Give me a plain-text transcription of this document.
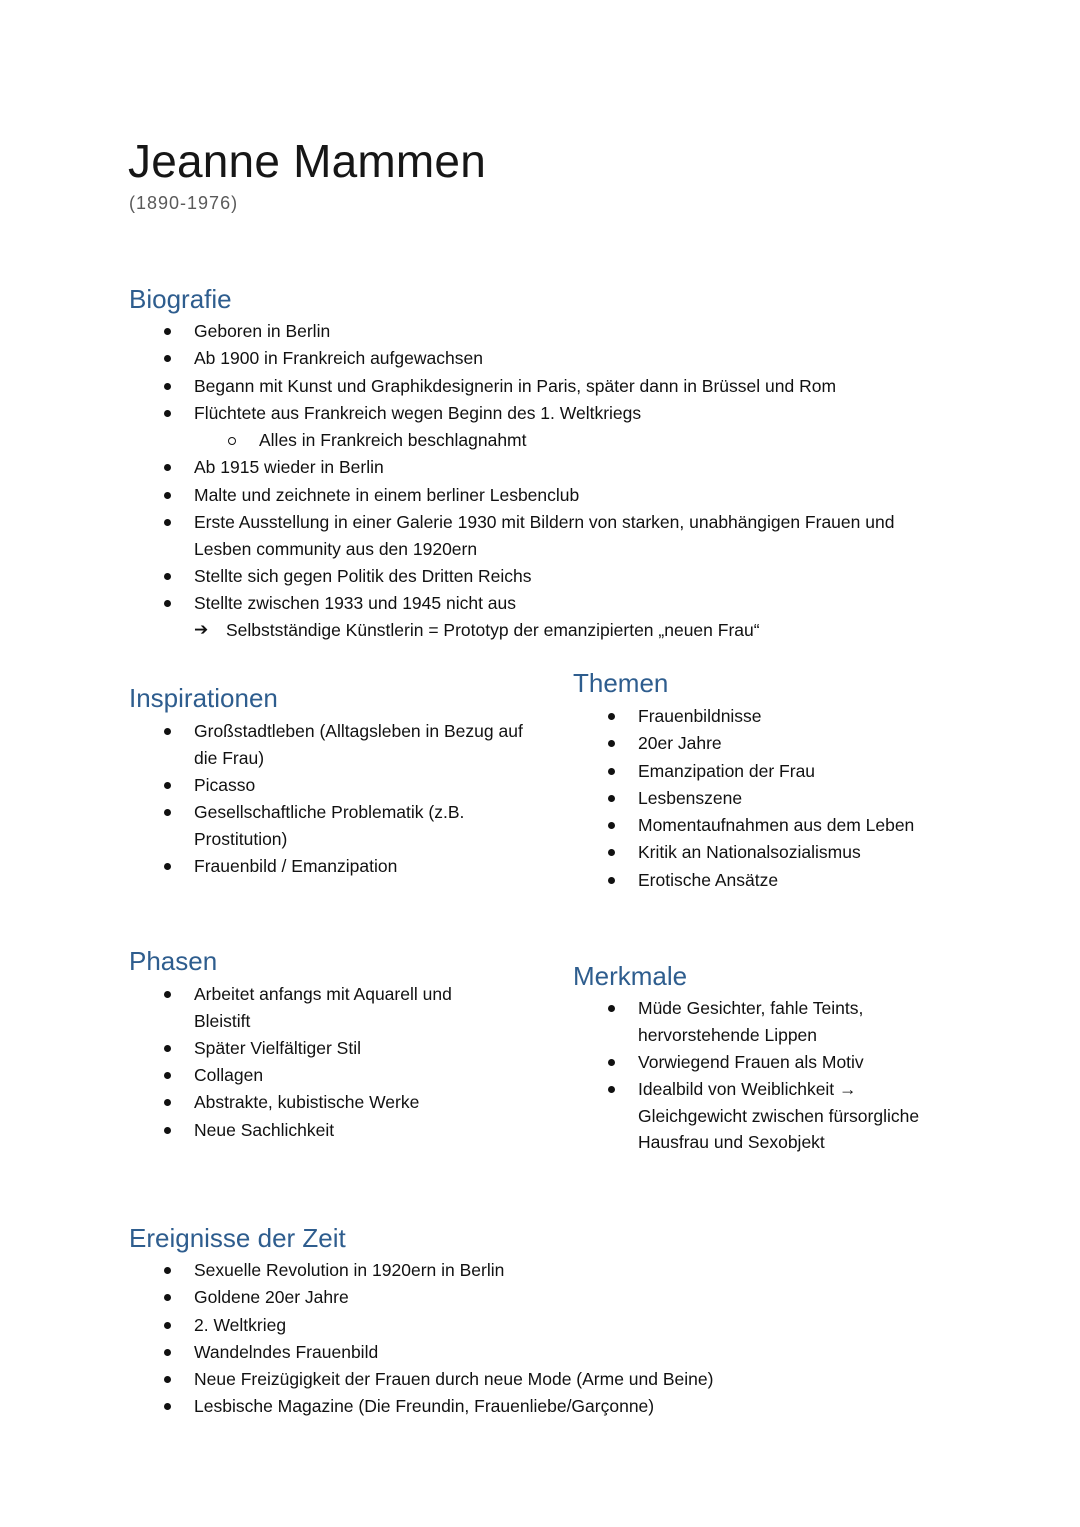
Jeanne Mammen
(1890-1976)
Biografie
Geboren in Berlin
Ab 1900 in Frankreich aufgewachsen
Begann mit Kunst und Graphikdesignerin in Paris, später dann in Brüssel und Rom
Flüchtete aus Frankreich wegen Beginn des 1. Weltkriegs
Alles in Frankreich beschlagnahmt
Ab 1915 wieder in Berlin
Malte und zeichnete in einem berliner Lesbenclub
Erste Ausstellung in einer Galerie 1930 mit Bildern von starken, unabhängigen Frauen und Lesben community aus den 1920ern
Stellte sich gegen Politik des Dritten Reichs
Stellte zwischen 1933 und 1945 nicht aus
➔ Selbstständige Künstlerin = Prototyp der emanzipierten „neuen Frau“
Inspirationen
Großstadtleben (Alltagsleben in Bezug auf die Frau)
Picasso
Gesellschaftliche Problematik (z.B. Prostitution)
Frauenbild / Emanzipation
Themen
Frauenbildnisse
20er Jahre
Emanzipation der Frau
Lesbenszene
Momentaufnahmen aus dem Leben
Kritik an Nationalsozialismus
Erotische Ansätze
Phasen
Arbeitet anfangs mit Aquarell und Bleistift
Später Vielfältiger Stil
Collagen
Abstrakte, kubistische Werke
Neue Sachlichkeit
Merkmale
Müde Gesichter, fahle Teints, hervorstehende Lippen
Vorwiegend Frauen als Motiv
Idealbild von Weiblichkeit → Gleichgewicht zwischen fürsorgliche Hausfrau und Sexobjekt
Ereignisse der Zeit
Sexuelle Revolution in 1920ern in Berlin
Goldene 20er Jahre
2. Weltkrieg
Wandelndes Frauenbild
Neue Freizügigkeit der Frauen durch neue Mode (Arme und Beine)
Lesbische Magazine (Die Freundin, Frauenliebe/Garçonne)
